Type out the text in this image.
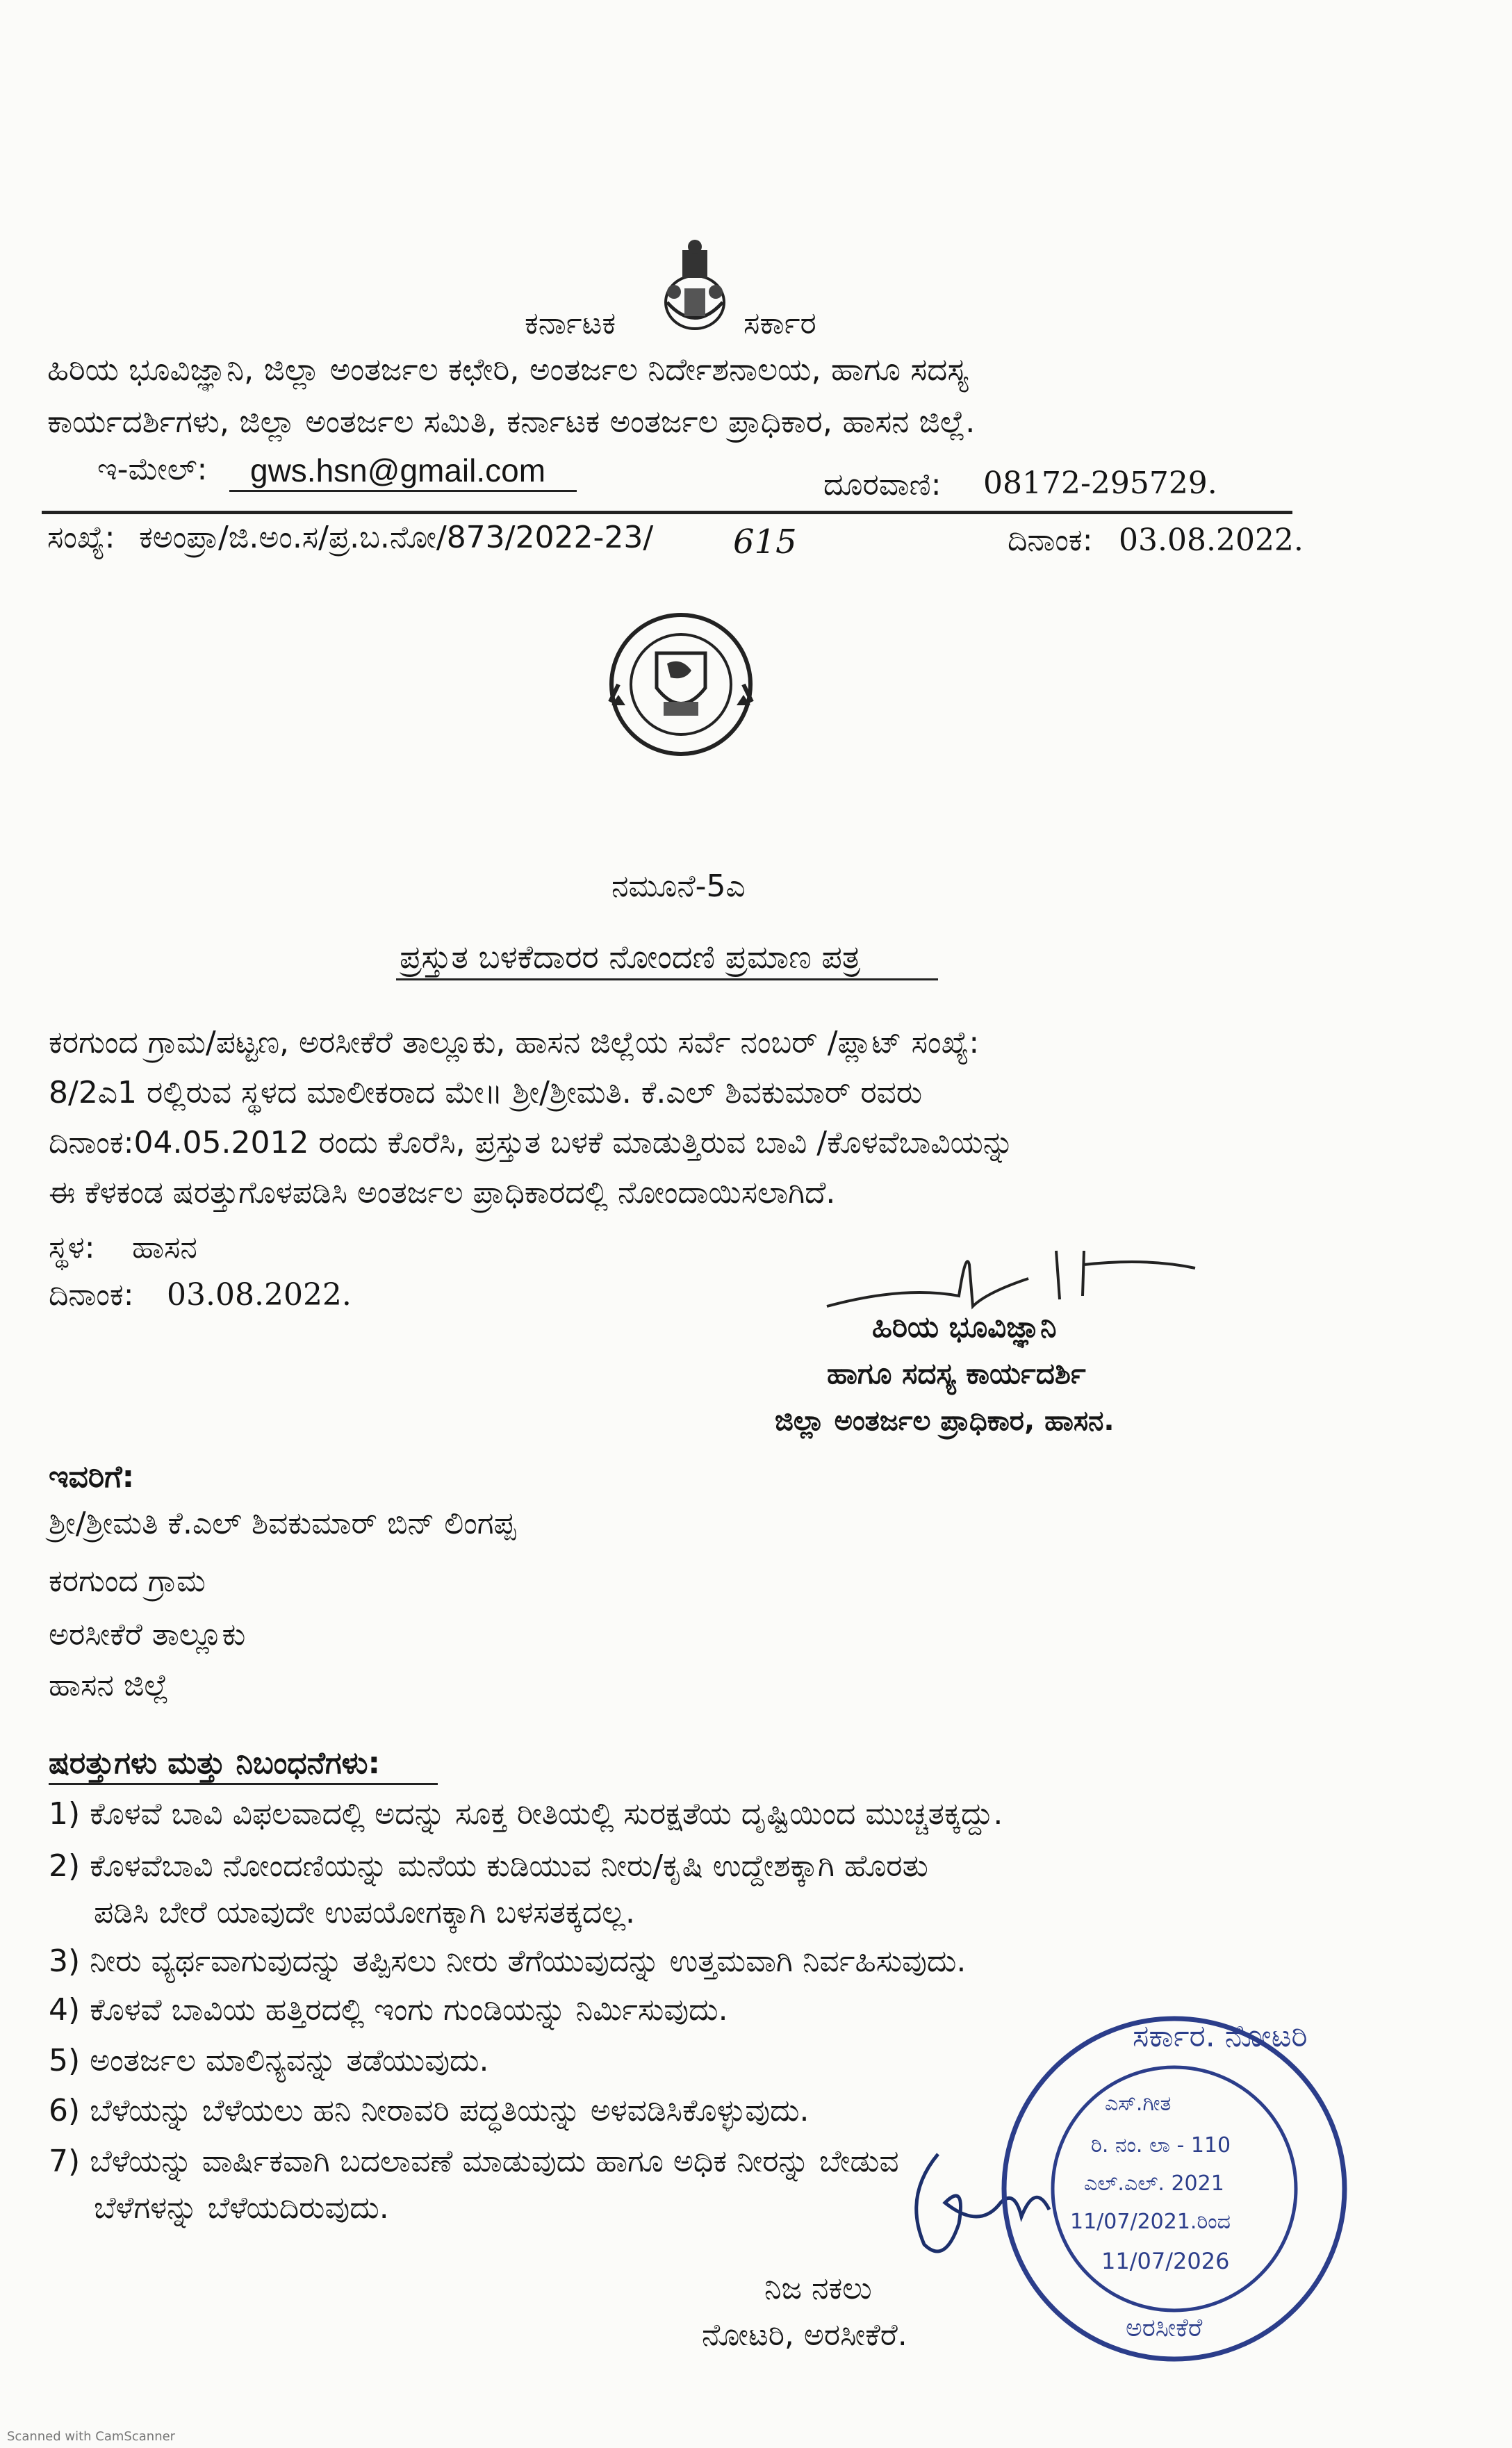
ಕರ್ನಾಟಕ	ಸರ್ಕಾರ
ಹಿರಿಯ ಭೂವಿಜ್ಞಾನಿ, ಜಿಲ್ಲಾ ಅಂತರ್ಜಲ ಕಛೇರಿ, ಅಂತರ್ಜಲ ನಿರ್ದೇಶನಾಲಯ, ಹಾಗೂ ಸದಸ್ಯ
ಕಾರ್ಯದರ್ಶಿಗಳು, ಜಿಲ್ಲಾ ಅಂತರ್ಜಲ ಸಮಿತಿ, ಕರ್ನಾಟಕ ಅಂತರ್ಜಲ ಪ್ರಾಧಿಕಾರ, ಹಾಸನ ಜಿಲ್ಲೆ.
ಇ-ಮೇಲ್: gws.hsn@gmail.com	ದೂರವಾಣಿ: 08172-295729.
ಸಂಖ್ಯೆ: ಕಅಂಪ್ರಾ/ಜಿ.ಅಂ.ಸ/ಪ್ರ.ಬ.ನೋ/873/2022-23/ 615	ದಿನಾಂಕ: 03.08.2022.
ನಮೂನೆ-5ಎ
ಪ್ರಸ್ತುತ ಬಳಕೆದಾರರ ನೋಂದಣಿ ಪ್ರಮಾಣ ಪತ್ರ
ಕರಗುಂದ ಗ್ರಾಮ/ಪಟ್ಟಣ, ಅರಸೀಕೆರೆ ತಾಲ್ಲೂಕು, ಹಾಸನ ಜಿಲ್ಲೆಯ ಸರ್ವೆ ನಂಬರ್ /ಪ್ಲಾಟ್ ಸಂಖ್ಯೆ:
8/2ಎ1 ರಲ್ಲಿರುವ ಸ್ಥಳದ ಮಾಲೀಕರಾದ ಮೇ॥ ಶ್ರೀ/ಶ್ರೀಮತಿ. ಕೆ.ಎಲ್ ಶಿವಕುಮಾರ್ ರವರು
ದಿನಾಂಕ:04.05.2012 ರಂದು ಕೊರೆಸಿ, ಪ್ರಸ್ತುತ ಬಳಕೆ ಮಾಡುತ್ತಿರುವ ಬಾವಿ /ಕೊಳವೆಬಾವಿಯನ್ನು
ಈ ಕೆಳಕಂಡ ಷರತ್ತುಗೊಳಪಡಿಸಿ ಅಂತರ್ಜಲ ಪ್ರಾಧಿಕಾರದಲ್ಲಿ ನೋಂದಾಯಿಸಲಾಗಿದೆ.
ಸ್ಥಳ: ಹಾಸನ
ದಿನಾಂಕ: 03.08.2022.
ಹಿರಿಯ ಭೂವಿಜ್ಞಾನಿ
ಹಾಗೂ ಸದಸ್ಯ ಕಾರ್ಯದರ್ಶಿ
ಜಿಲ್ಲಾ ಅಂತರ್ಜಲ ಪ್ರಾಧಿಕಾರ, ಹಾಸನ.
ಇವರಿಗೆ:
ಶ್ರೀ/ಶ್ರೀಮತಿ ಕೆ.ಎಲ್ ಶಿವಕುಮಾರ್ ಬಿನ್ ಲಿಂಗಪ್ಪ
ಕರಗುಂದ ಗ್ರಾಮ
ಅರಸೀಕೆರೆ ತಾಲ್ಲೂಕು
ಹಾಸನ ಜಿಲ್ಲೆ
ಷರತ್ತುಗಳು ಮತ್ತು ನಿಬಂಧನೆಗಳು:
1) ಕೊಳವೆ ಬಾವಿ ವಿಫಲವಾದಲ್ಲಿ ಅದನ್ನು ಸೂಕ್ತ ರೀತಿಯಲ್ಲಿ ಸುರಕ್ಷತೆಯ ದೃಷ್ಟಿಯಿಂದ ಮುಚ್ಚತಕ್ಕದ್ದು.
2) ಕೊಳವೆಬಾವಿ ನೋಂದಣಿಯನ್ನು ಮನೆಯ ಕುಡಿಯುವ ನೀರು/ಕೃಷಿ ಉದ್ದೇಶಕ್ಕಾಗಿ ಹೊರತು
ಪಡಿಸಿ ಬೇರೆ ಯಾವುದೇ ಉಪಯೋಗಕ್ಕಾಗಿ ಬಳಸತಕ್ಕದಲ್ಲ.
3) ನೀರು ವ್ಯರ್ಥವಾಗುವುದನ್ನು ತಪ್ಪಿಸಲು ನೀರು ತೆಗೆಯುವುದನ್ನು ಉತ್ತಮವಾಗಿ ನಿರ್ವಹಿಸುವುದು.
4) ಕೊಳವೆ ಬಾವಿಯ ಹತ್ತಿರದಲ್ಲಿ ಇಂಗು ಗುಂಡಿಯನ್ನು ನಿರ್ಮಿಸುವುದು.
5) ಅಂತರ್ಜಲ ಮಾಲಿನ್ಯವನ್ನು ತಡೆಯುವುದು.
6) ಬೆಳೆಯನ್ನು ಬೆಳೆಯಲು ಹನಿ ನೀರಾವರಿ ಪದ್ಧತಿಯನ್ನು ಅಳವಡಿಸಿಕೊಳ್ಳುವುದು.
7) ಬೆಳೆಯನ್ನು ವಾರ್ಷಿಕವಾಗಿ ಬದಲಾವಣೆ ಮಾಡುವುದು ಹಾಗೂ ಅಧಿಕ ನೀರನ್ನು ಬೇಡುವ
ಬೆಳೆಗಳನ್ನು ಬೆಳೆಯದಿರುವುದು.
ನಿಜ ನಕಲು
ನೋಟರಿ, ಅರಸೀಕೆರೆ.
ಸರ್ಕಾರ. ನೋಟರಿ
ಎಸ್.ಗೀತ
ರಿ. ನಂ. ಲಾ - 110
ಎಲ್.ಎಲ್. 2021
11/07/2021.ರಿಂದ
11/07/2026
ಅರಸೀಕೆರೆ
Scanned with CamScanner
